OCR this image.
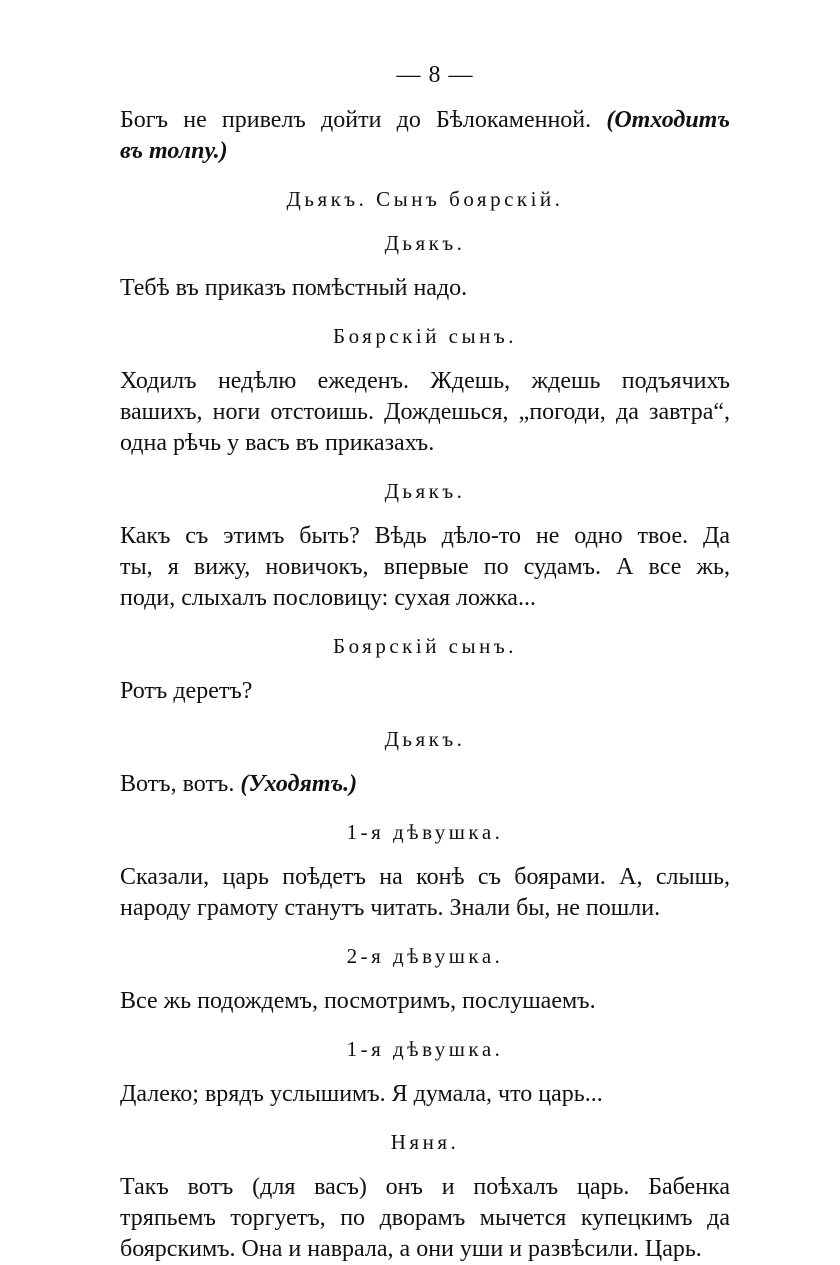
— 8 —
Богъ не привелъ дойти до Бѣлокаменной. (Отходитъ
въ толпу.)
Дьякъ. Сынъ боярскій.
Дьякъ.
Тебѣ въ приказъ помѣстный надо.
Боярскій сынъ.
Ходилъ недѣлю ежеденъ. Ждешь, ждешь подъячихъ
вашихъ, ноги отстоишь. Дождешься, „погоди, да завтра“,
одна рѣчь у васъ въ приказахъ.
Дьякъ.
Какъ съ этимъ быть? Вѣдь дѣло-то не одно твое. Да
ты, я вижу, новичокъ, впервые по судамъ. А все жь,
поди, слыхалъ пословицу: сухая ложка...
Боярскій сынъ.
Ротъ деретъ?
Дьякъ.
Вотъ, вотъ. (Уходятъ.)
1-я дѣвушка.
Сказали, царь поѣдетъ на конѣ съ боярами. А, слышь,
народу грамоту станутъ читать. Знали бы, не пошли.
2-я дѣвушка.
Все жь подождемъ, посмотримъ, послушаемъ.
1-я дѣвушка.
Далеко; врядъ услышимъ. Я думала, что царь...
Няня.
Такъ вотъ (для васъ) онъ и поѣхалъ царь. Бабенка
тряпьемъ торгуетъ, по дворамъ мычется купецкимъ да
боярскимъ. Она и наврала, а они уши и развѣсили. Царь.
